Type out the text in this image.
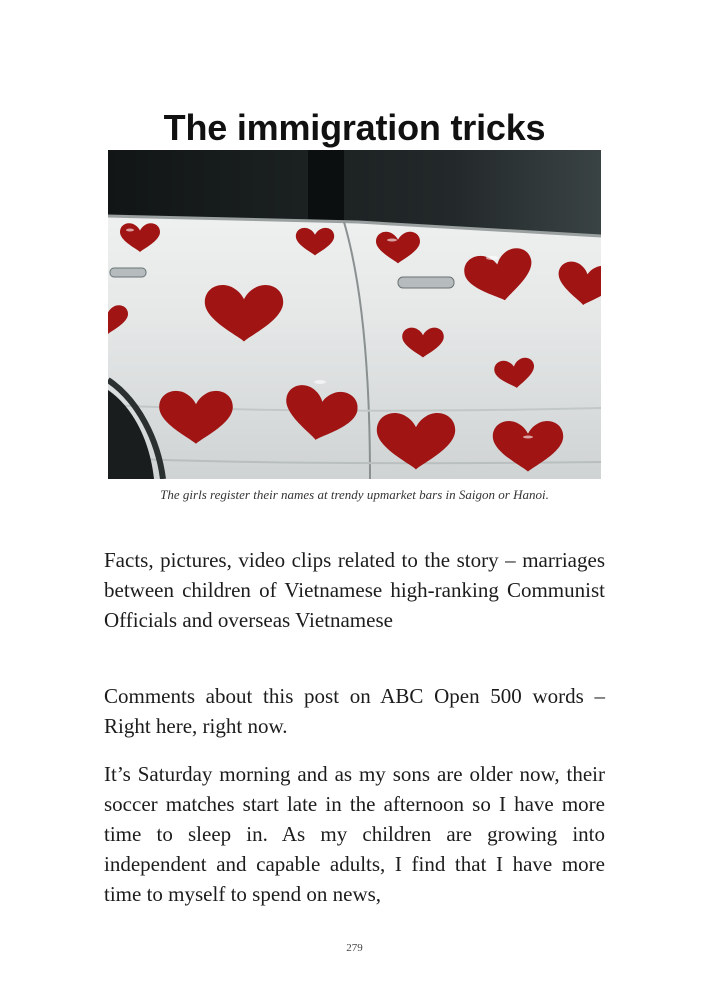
The immigration tricks
The girls register their names at trendy upmarket bars in Saigon or Hanoi.

Facts, pictures, video clips related to the story – marriages between children of Vietnamese high-ranking Communist Officials and overseas Vietnamese

Comments about this post on ABC Open 500 words – Right here, right now.

It’s Saturday morning and as my sons are older now, their soccer matches start late in the afternoon so I have more time to sleep in. As my children are growing into independent and capable adults, I find that I have more time to myself to spend on news,

279
